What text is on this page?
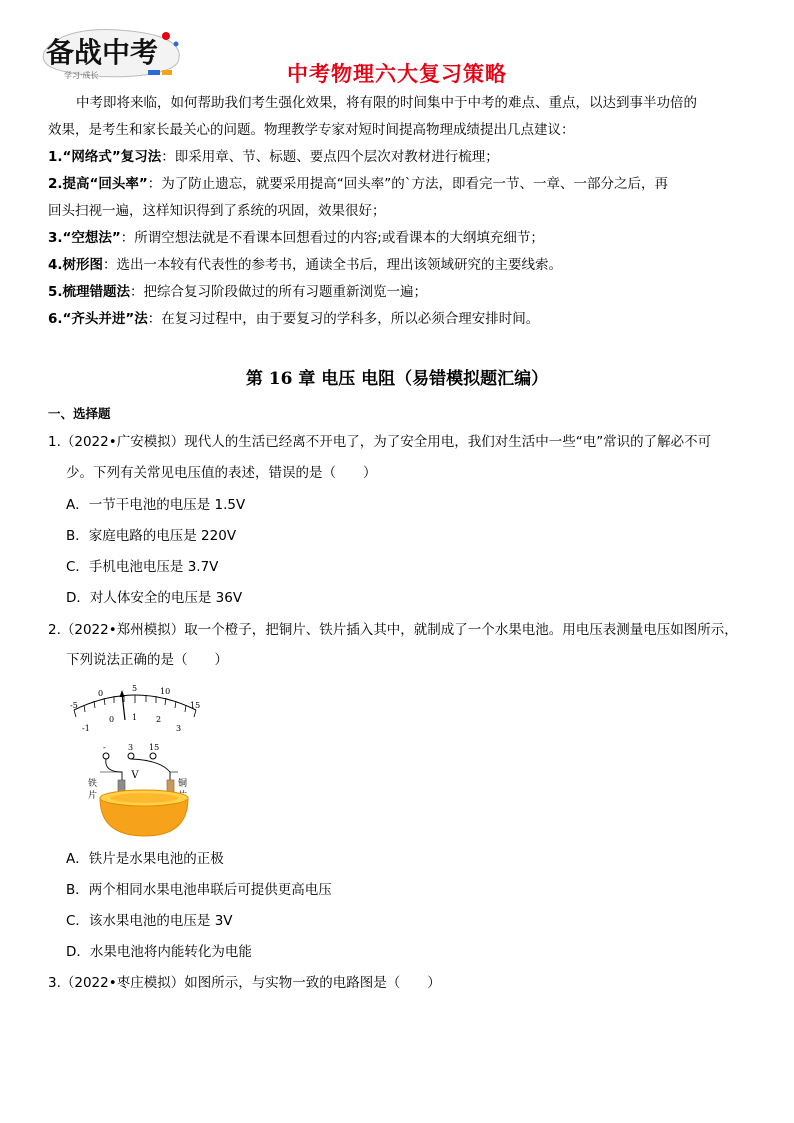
备战中考
学习·成长	中考物理六大复习策略
中考即将来临，如何帮助我们考生强化效果，将有限的时间集中于中考的难点、重点，以达到事半功倍的
效果，是考生和家长最关心的问题。物理教学专家对短时间提高物理成绩提出几点建议：
1.“网络式”复习法：即采用章、节、标题、要点四个层次对教材进行梳理；
2.提高“回头率”：为了防止遗忘，就要采用提高“回头率”的`方法，即看完一节、一章、一部分之后，再
回头扫视一遍，这样知识得到了系统的巩固，效果很好；
3.“空想法”：所谓空想法就是不看课本回想看过的内容;或看课本的大纲填充细节；
4.树形图：选出一本较有代表性的参考书，通读全书后，理出该领域研究的主要线索。
5.梳理错题法：把综合复习阶段做过的所有习题重新浏览一遍；
6.“齐头并进”法：在复习过程中，由于要复习的学科多，所以必须合理安排时间。
第 16 章 电压 电阻（易错模拟题汇编）
一、选择题
1.（2022•广安模拟）现代人的生活已经离不开电了，为了安全用电，我们对生活中一些“电”常识的了解必不可
少。下列有关常见电压值的表述，错误的是（　　）
A．一节干电池的电压是 1.5V
B．家庭电路的电压是 220V
C．手机电池电压是 3.7V
D．对人体安全的电压是 36V
2.（2022•郑州模拟）取一个橙子，把铜片、铁片插入其中，就制成了一个水果电池。用电压表测量电压如图所示，
下列说法正确的是（　　）
-5
0
5	10
15
-1
0 1 2
3
-	3 15
V
铁
片
铜
A．铁片是水果电池的正极
B．两个相同水果电池串联后可提供更高电压
C．该水果电池的电压是 3V
D．水果电池将内能转化为电能
3.（2022•枣庄模拟）如图所示，与实物一致的电路图是（　　）
